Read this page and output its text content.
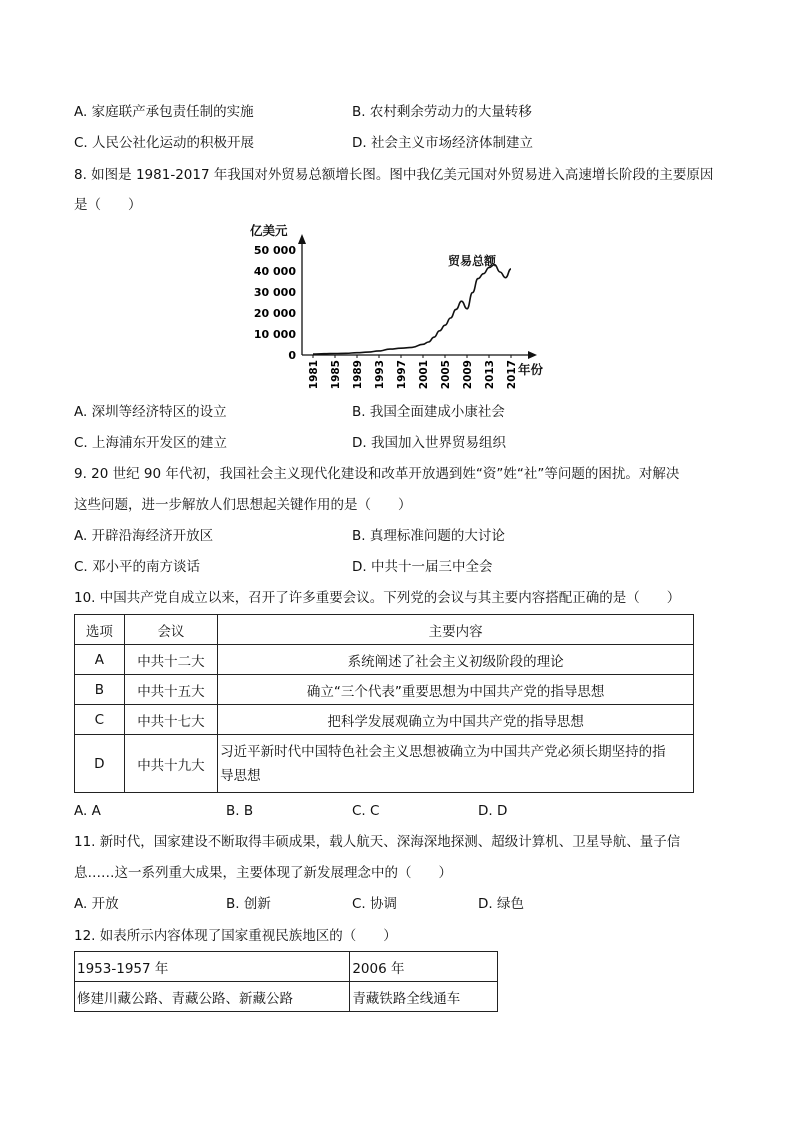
A. 家庭联产承包责任制的实施	B. 农村剩余劳动力的大量转移
C. 人民公社化运动的积极开展	D. 社会主义市场经济体制建立
8. 如图是 1981-2017 年我国对外贸易总额增长图。图中我亿美元国对外贸易进入高速增长阶段的主要原因
是（　　）
亿美元
50 000
40 000
30 000
20 000
10 000
0
1981 1985 1989 1993 1997 2001 2005 2009 2013 2017 年份
贸易总额
A. 深圳等经济特区的设立	B. 我国全面建成小康社会
C. 上海浦东开发区的建立	D. 我国加入世界贸易组织
9. 20 世纪 90 年代初，我国社会主义现代化建设和改革开放遇到姓“资”姓“社”等问题的困扰。对解决
这些问题，进一步解放人们思想起关键作用的是（　　）
A. 开辟沿海经济开放区	B. 真理标准问题的大讨论
C. 邓小平的南方谈话	D. 中共十一届三中全会
10. 中国共产党自成立以来，召开了许多重要会议。下列党的会议与其主要内容搭配正确的是（　　）
选项	会议	主要内容
A	中共十二大	系统阐述了社会主义初级阶段的理论
B	中共十五大	确立“三个代表”重要思想为中国共产党的指导思想
C	中共十七大	把科学发展观确立为中国共产党的指导思想
D	中共十九大	习近平新时代中国特色社会主义思想被确立为中国共产党必须长期坚持的指
导思想
A. A	B. B	C. C	D. D
11. 新时代，国家建设不断取得丰硕成果，载人航天、深海深地探测、超级计算机、卫星导航、量子信
息……这一系列重大成果，主要体现了新发展理念中的（　　）
A. 开放	B. 创新	C. 协调	D. 绿色
12. 如表所示内容体现了国家重视民族地区的（　　）
1953-1957 年	2006 年
修建川藏公路、青藏公路、新藏公路	青藏铁路全线通车
